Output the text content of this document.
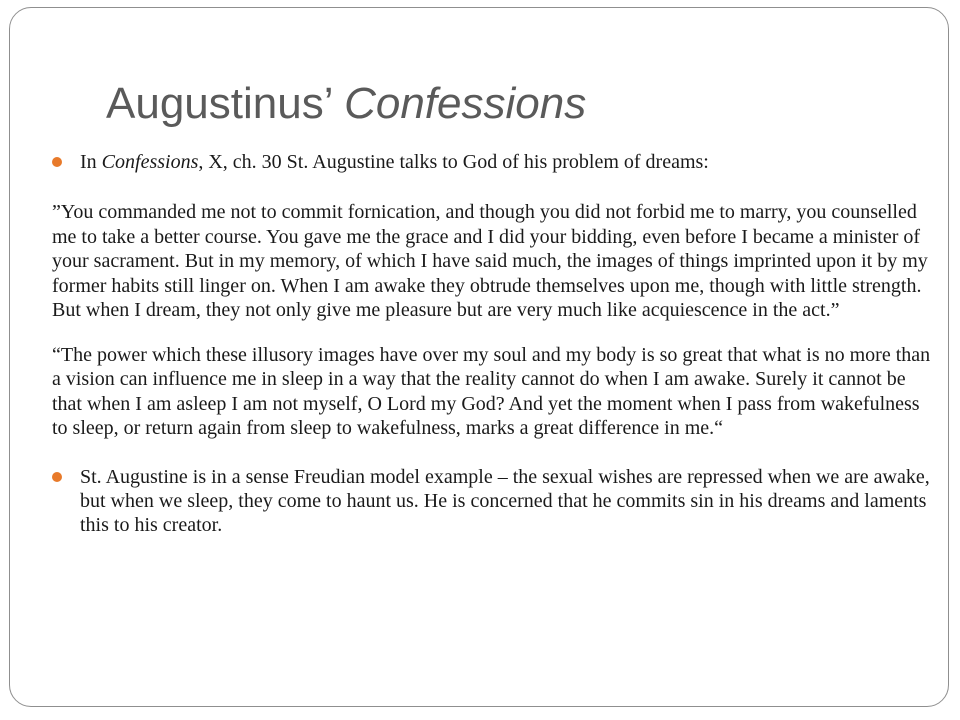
Augustinus’ Confessions
In Confessions, X, ch. 30 St. Augustine talks to God of his problem of dreams:

”You commanded me not to commit fornication, and though you did not forbid me to marry, you counselled me to take a better course. You gave me the grace and I did your bidding, even before I became a minister of your sacrament. But in my memory, of which I have said much, the images of things imprinted upon it by my former habits still linger on. When I am awake they obtrude themselves upon me, though with little strength. But when I dream, they not only give me pleasure but are very much like acquiescence in the act.”

“The power which these illusory images have over my soul and my body is so great that what is no more than a vision can influence me in sleep in a way that the reality cannot do when I am awake. Surely it cannot be that when I am asleep I am not myself, O Lord my God? And yet the moment when I pass from wakefulness to sleep, or return again from sleep to wakefulness, marks a great difference in me.“

St. Augustine is in a sense Freudian model example – the sexual wishes are repressed when we are awake, but when we sleep, they come to haunt us. He is concerned that he commits sin in his dreams and laments this to his creator.
